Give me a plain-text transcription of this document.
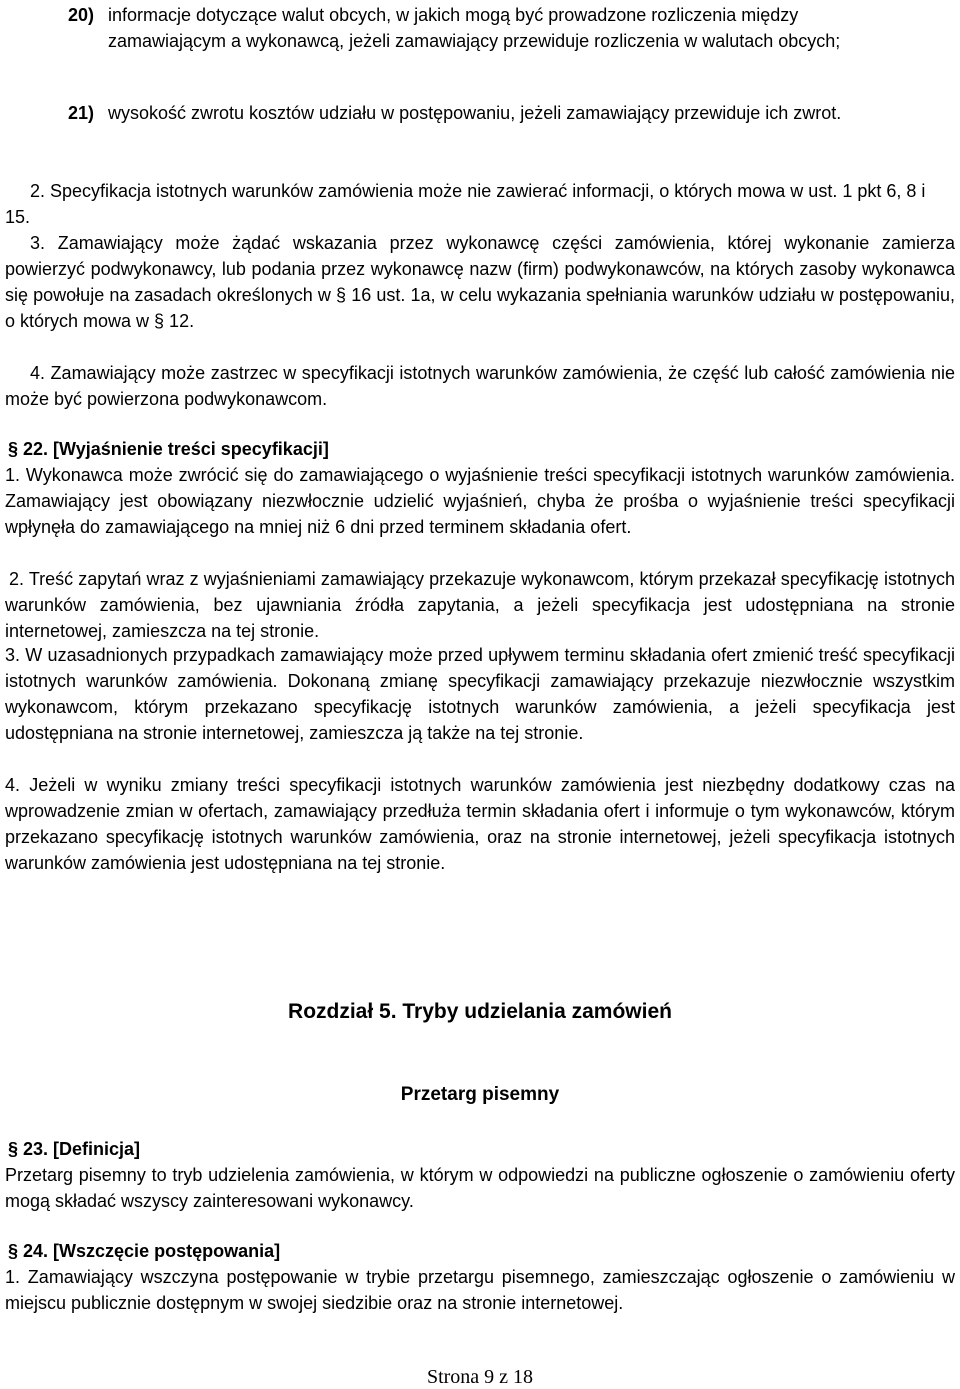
20) informacje dotyczące walut obcych, w jakich mogą być prowadzone rozliczenia między zamawiającym a wykonawcą, jeżeli zamawiający przewiduje rozliczenia w walutach obcych;
21) wysokość zwrotu kosztów udziału w postępowaniu, jeżeli zamawiający przewiduje ich zwrot.

2. Specyfikacja istotnych warunków zamówienia może nie zawierać informacji, o których mowa w ust. 1 pkt 6, 8 i 15.

3. Zamawiający może żądać wskazania przez wykonawcę części zamówienia, której wykonanie zamierza powierzyć podwykonawcy, lub podania przez wykonawcę nazw (firm) podwykonawców, na których zasoby wykonawca się powołuje na zasadach określonych w § 16 ust. 1a, w celu wykazania spełniania warunków udziału w postępowaniu, o których mowa w § 12.

4. Zamawiający może zastrzec w specyfikacji istotnych warunków zamówienia, że część lub całość zamówienia nie może być powierzona podwykonawcom.

§ 22. [Wyjaśnienie treści specyfikacji]

1. Wykonawca może zwrócić się do zamawiającego o wyjaśnienie treści specyfikacji istotnych warunków zamówienia. Zamawiający jest obowiązany niezwłocznie udzielić wyjaśnień, chyba że prośba o wyjaśnienie treści specyfikacji wpłynęła do zamawiającego na mniej niż 6 dni przed terminem składania ofert.

2. Treść zapytań wraz z wyjaśnieniami zamawiający przekazuje wykonawcom, którym przekazał specyfikację istotnych warunków zamówienia, bez ujawniania źródła zapytania, a jeżeli specyfikacja jest udostępniana na stronie internetowej, zamieszcza na tej stronie.

3. W uzasadnionych przypadkach zamawiający może przed upływem terminu składania ofert zmienić treść specyfikacji istotnych warunków zamówienia. Dokonaną zmianę specyfikacji zamawiający przekazuje niezwłocznie wszystkim wykonawcom, którym przekazano specyfikację istotnych warunków zamówienia, a jeżeli specyfikacja jest udostępniana na stronie internetowej, zamieszcza ją także na tej stronie.

4. Jeżeli w wyniku zmiany treści specyfikacji istotnych warunków zamówienia jest niezbędny dodatkowy czas na wprowadzenie zmian w ofertach, zamawiający przedłuża termin składania ofert i informuje o tym wykonawców, którym przekazano specyfikację istotnych warunków zamówienia, oraz na stronie internetowej, jeżeli specyfikacja istotnych warunków zamówienia jest udostępniana na tej stronie.

Rozdział 5. Tryby udzielania zamówień

Przetarg pisemny

§ 23. [Definicja]

Przetarg pisemny to tryb udzielenia zamówienia, w którym w odpowiedzi na publiczne ogłoszenie o zamówieniu oferty mogą składać wszyscy zainteresowani wykonawcy.

§ 24. [Wszczęcie postępowania]

1. Zamawiający wszczyna postępowanie w trybie przetargu pisemnego, zamieszczając ogłoszenie o zamówieniu w miejscu publicznie dostępnym w swojej siedzibie oraz na stronie internetowej.

Strona 9 z 18
